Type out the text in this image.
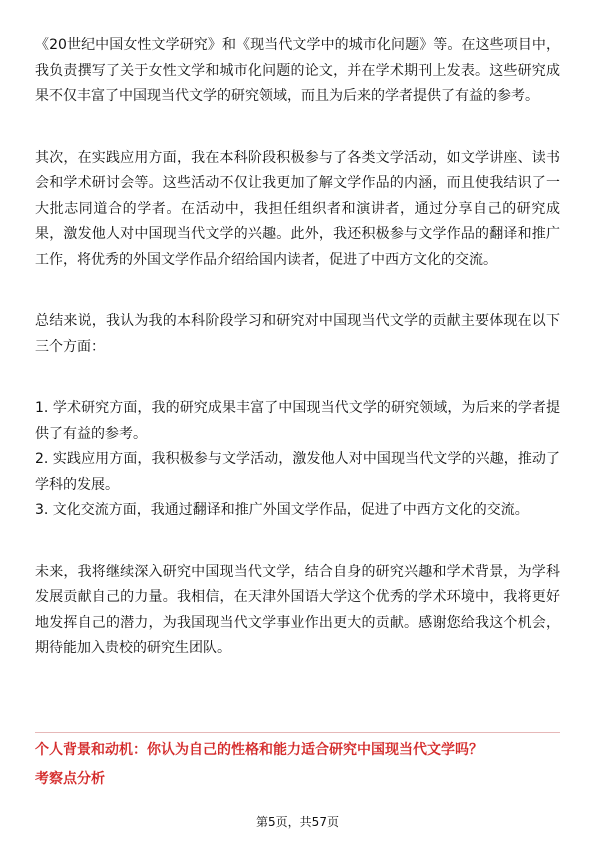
《20世纪中国女性文学研究》和《现当代文学中的城市化问题》等。在这些项目中，我负责撰写了关于女性文学和城市化问题的论文，并在学术期刊上发表。这些研究成果不仅丰富了中国现当代文学的研究领域，而且为后来的学者提供了有益的参考。

其次，在实践应用方面，我在本科阶段积极参与了各类文学活动，如文学讲座、读书会和学术研讨会等。这些活动不仅让我更加了解文学作品的内涵，而且使我结识了一大批志同道合的学者。在活动中，我担任组织者和演讲者，通过分享自己的研究成果，激发他人对中国现当代文学的兴趣。此外，我还积极参与文学作品的翻译和推广工作，将优秀的外国文学作品介绍给国内读者，促进了中西方文化的交流。

总结来说，我认为我的本科阶段学习和研究对中国现当代文学的贡献主要体现在以下三个方面：

1. 学术研究方面，我的研究成果丰富了中国现当代文学的研究领域，为后来的学者提供了有益的参考。

2. 实践应用方面，我积极参与文学活动，激发他人对中国现当代文学的兴趣，推动了学科的发展。

3. 文化交流方面，我通过翻译和推广外国文学作品，促进了中西方文化的交流。

未来，我将继续深入研究中国现当代文学，结合自身的研究兴趣和学术背景，为学科发展贡献自己的力量。我相信，在天津外国语大学这个优秀的学术环境中，我将更好地发挥自己的潜力，为我国现当代文学事业作出更大的贡献。感谢您给我这个机会，期待能加入贵校的研究生团队。

个人背景和动机：你认为自己的性格和能力适合研究中国现当代文学吗？

考察点分析

第5页，共57页
